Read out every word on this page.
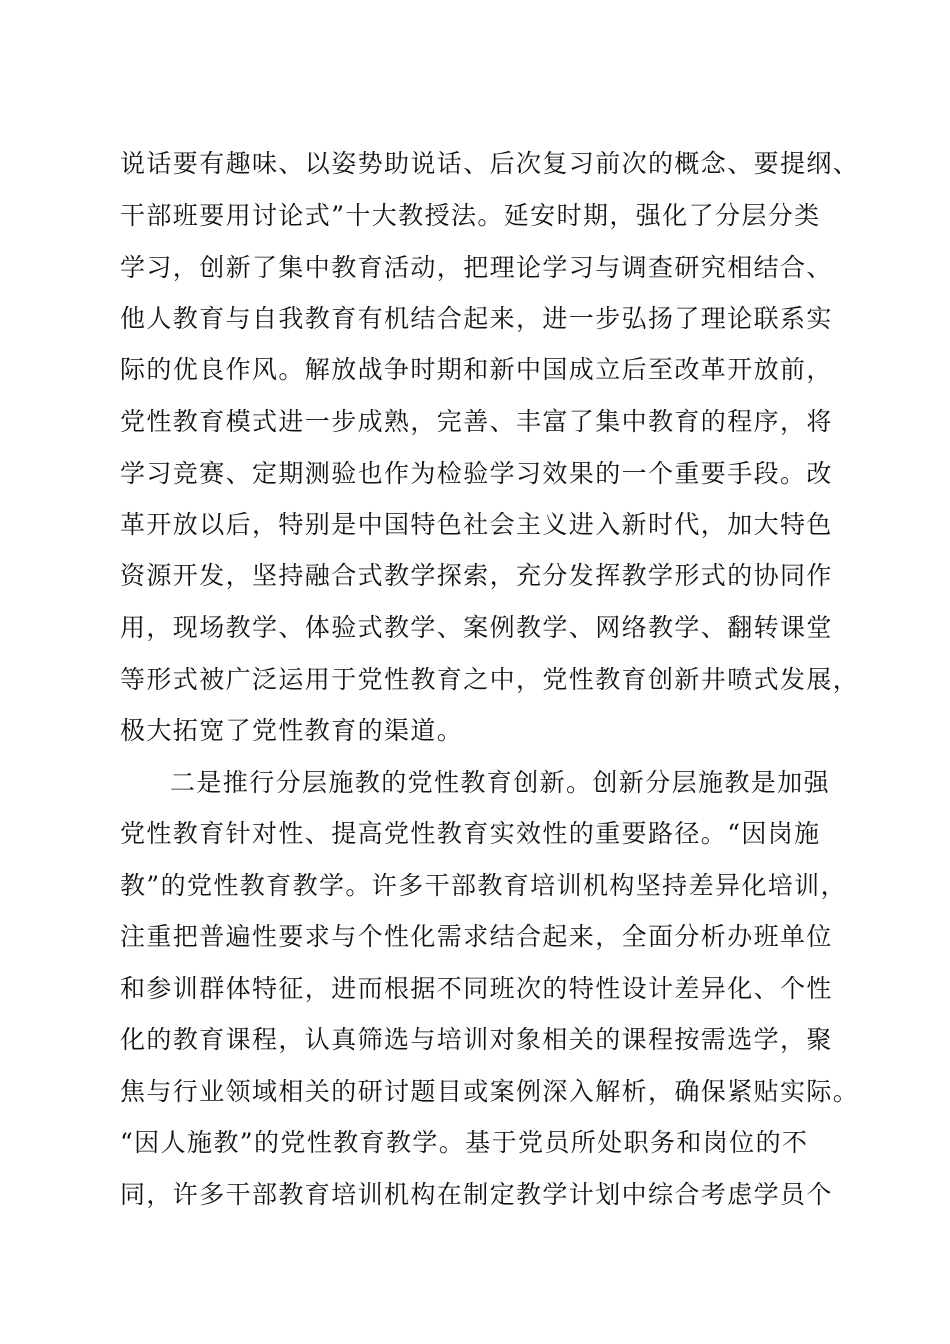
说话要有趣味、以姿势助说话、后次复习前次的概念、要提纲、
干部班要用讨论式”十大教授法。延安时期，强化了分层分类
学习，创新了集中教育活动，把理论学习与调查研究相结合、
他人教育与自我教育有机结合起来，进一步弘扬了理论联系实
际的优良作风。解放战争时期和新中国成立后至改革开放前，
党性教育模式进一步成熟，完善、丰富了集中教育的程序，将
学习竞赛、定期测验也作为检验学习效果的一个重要手段。改
革开放以后，特别是中国特色社会主义进入新时代，加大特色
资源开发，坚持融合式教学探索，充分发挥教学形式的协同作
用，现场教学、体验式教学、案例教学、网络教学、翻转课堂
等形式被广泛运用于党性教育之中，党性教育创新井喷式发展，
极大拓宽了党性教育的渠道。
二是推行分层施教的党性教育创新。创新分层施教是加强
党性教育针对性、提高党性教育实效性的重要路径。“因岗施
教”的党性教育教学。许多干部教育培训机构坚持差异化培训，
注重把普遍性要求与个性化需求结合起来，全面分析办班单位
和参训群体特征，进而根据不同班次的特性设计差异化、个性
化的教育课程，认真筛选与培训对象相关的课程按需选学，聚
焦与行业领域相关的研讨题目或案例深入解析，确保紧贴实际。
“因人施教”的党性教育教学。基于党员所处职务和岗位的不
同，许多干部教育培训机构在制定教学计划中综合考虑学员个
